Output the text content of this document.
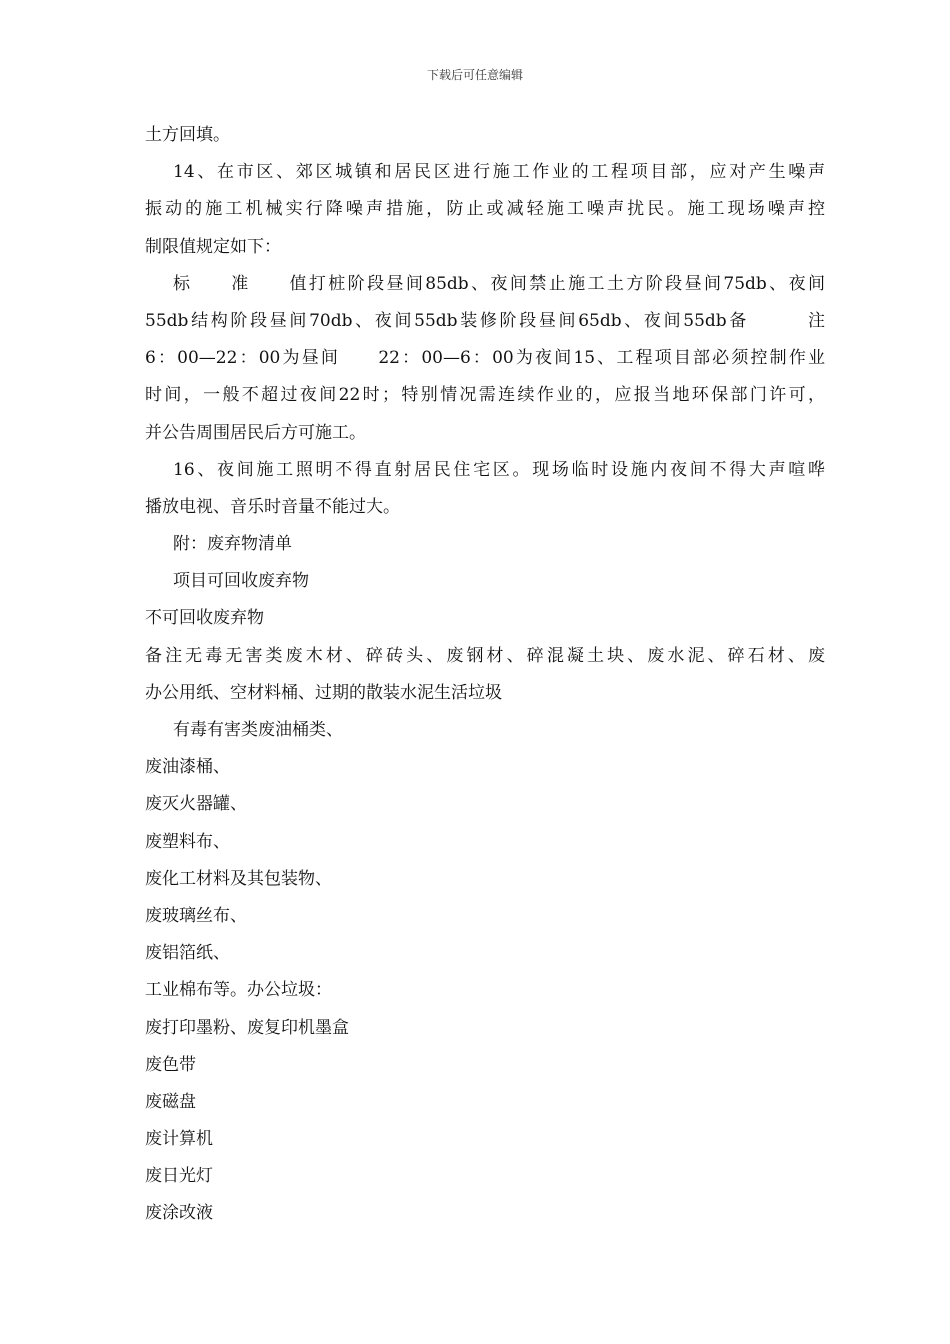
下载后可任意编辑
土方回填。
14、在市区、郊区城镇和居民区进行施工作业的工程项目部，应对产生噪声
振动的施工机械实行降噪声措施，防止或减轻施工噪声扰民。施工现场噪声控
制限值规定如下：
标　　准　　值打桩阶段昼间85db、夜间禁止施工土方阶段昼间75db、夜间
55db结构阶段昼间70db、夜间55db装修阶段昼间65db、夜间55db备　　　注
6：00—22：00为昼间　　22：00—6：00为夜间15、工程项目部必须控制作业
时间，一般不超过夜间22时；特别情况需连续作业的，应报当地环保部门许可，
并公告周围居民后方可施工。
16、夜间施工照明不得直射居民住宅区。现场临时设施内夜间不得大声喧哗
播放电视、音乐时音量不能过大。
附：废弃物清单
项目可回收废弃物
不可回收废弃物
备注无毒无害类废木材、碎砖头、废钢材、碎混凝土块、废水泥、碎石材、废
办公用纸、空材料桶、过期的散装水泥生活垃圾
有毒有害类废油桶类、
废油漆桶、
废灭火器罐、
废塑料布、
废化工材料及其包装物、
废玻璃丝布、
废铝箔纸、
工业棉布等。办公垃圾：
废打印墨粉、废复印机墨盒
废色带
废磁盘
废计算机
废日光灯
废涂改液
